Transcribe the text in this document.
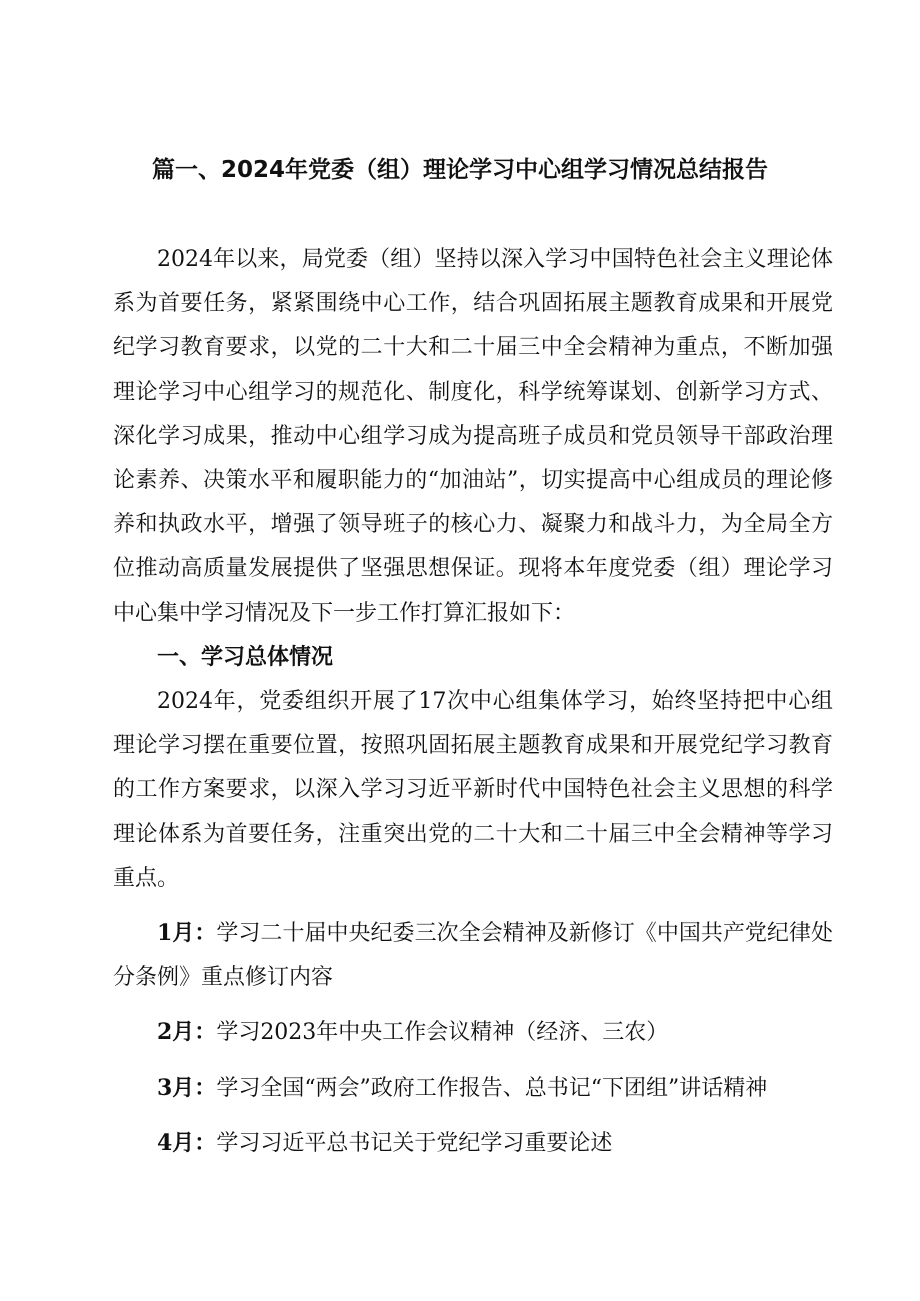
篇一、2024年党委（组）理论学习中心组学习情况总结报告

2024年以来，局党委（组）坚持以深入学习中国特色社会主义理论体系为首要任务，紧紧围绕中心工作，结合巩固拓展主题教育成果和开展党纪学习教育要求，以党的二十大和二十届三中全会精神为重点，不断加强理论学习中心组学习的规范化、制度化，科学统筹谋划、创新学习方式、深化学习成果，推动中心组学习成为提高班子成员和党员领导干部政治理论素养、决策水平和履职能力的“加油站”，切实提高中心组成员的理论修养和执政水平，增强了领导班子的核心力、凝聚力和战斗力，为全局全方位推动高质量发展提供了坚强思想保证。现将本年度党委（组）理论学习中心集中学习情况及下一步工作打算汇报如下：

一、学习总体情况

2024年，党委组织开展了17次中心组集体学习，始终坚持把中心组理论学习摆在重要位置，按照巩固拓展主题教育成果和开展党纪学习教育的工作方案要求，以深入学习习近平新时代中国特色社会主义思想的科学理论体系为首要任务，注重突出党的二十大和二十届三中全会精神等学习重点。

1月：学习二十届中央纪委三次全会精神及新修订《中国共产党纪律处分条例》重点修订内容

2月：学习2023年中央工作会议精神（经济、三农）

3月：学习全国“两会”政府工作报告、总书记“下团组”讲话精神

4月：学习习近平总书记关于党纪学习重要论述
